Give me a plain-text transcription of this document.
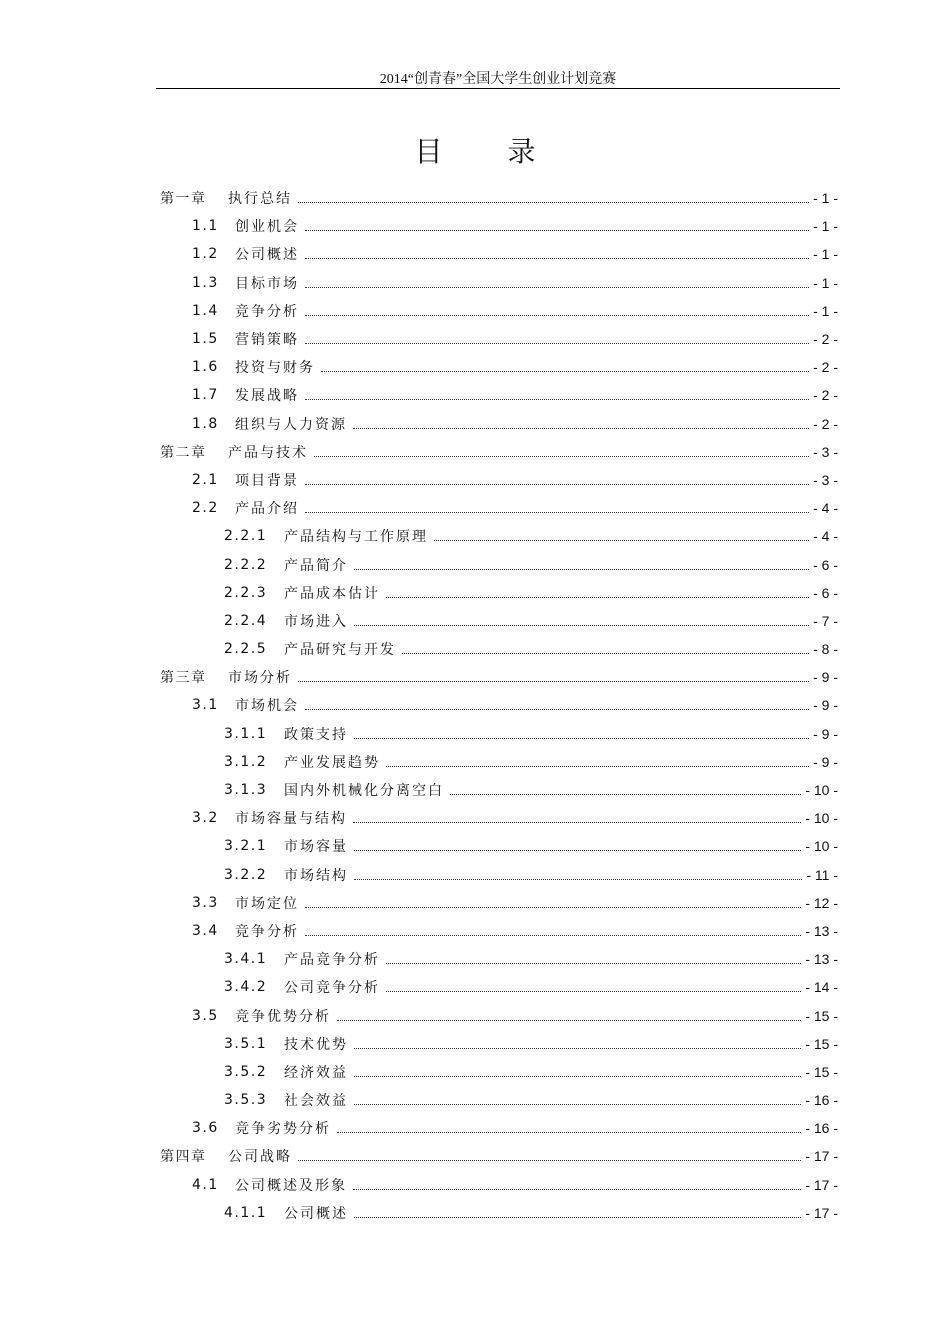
2014“创青春”全国大学生创业计划竞赛
目 录
第一章	执行总结	- 1 -
1.1	创业机会	- 1 -
1.2	公司概述	- 1 -
1.3	目标市场	- 1 -
1.4	竞争分析	- 1 -
1.5	营销策略	- 2 -
1.6	投资与财务	- 2 -
1.7	发展战略	- 2 -
1.8	组织与人力资源	- 2 -
第二章	产品与技术	- 3 -
2.1	项目背景	- 3 -
2.2	产品介绍	- 4 -
2.2.1	产品结构与工作原理	- 4 -
2.2.2	产品简介	- 6 -
2.2.3	产品成本估计	- 6 -
2.2.4	市场进入	- 7 -
2.2.5	产品研究与开发	- 8 -
第三章	市场分析	- 9 -
3.1	市场机会	- 9 -
3.1.1	政策支持	- 9 -
3.1.2	产业发展趋势	- 9 -
3.1.3	国内外机械化分离空白	- 10 -
3.2	市场容量与结构	- 10 -
3.2.1	市场容量	- 10 -
3.2.2	市场结构	- 11 -
3.3	市场定位	- 12 -
3.4	竞争分析	- 13 -
3.4.1	产品竞争分析	- 13 -
3.4.2	公司竞争分析	- 14 -
3.5	竞争优势分析	- 15 -
3.5.1	技术优势	- 15 -
3.5.2	经济效益	- 15 -
3.5.3	社会效益	- 16 -
3.6	竞争劣势分析	- 16 -
第四章	公司战略	- 17 -
4.1	公司概述及形象	- 17 -
4.1.1	公司概述	- 17 -
